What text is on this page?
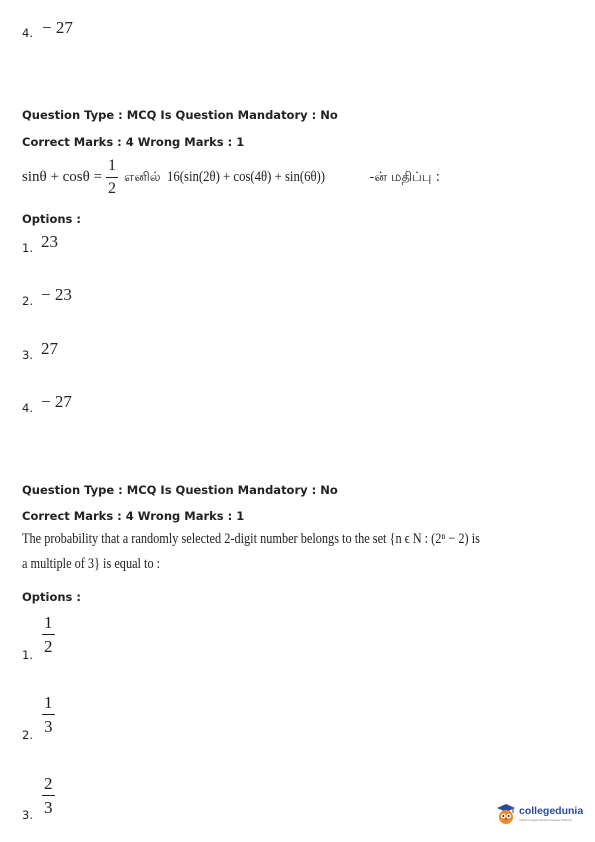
4. − 27
Question Type : MCQ Is Question Mandatory : No
Correct Marks : 4 Wrong Marks : 1
$\sin\theta + \cos\theta = \frac{1}{2}$ எனில் 16(sin(2θ) + cos(4θ) + sin(6θ))	-ன் மதிப்பு :
Options :
1. 23
2. − 23
3. 27
4. − 27
Question Type : MCQ Is Question Mandatory : No
Correct Marks : 4 Wrong Marks : 1
The probability that a randomly selected 2-digit number belongs to the set {n ϵ N : (2ⁿ − 2) is
a multiple of 3} is equal to :
Options :
1. $\frac{1}{2}$
2. $\frac{1}{3}$
3. $\frac{2}{3}$	collegedunia
India's Largest Student Review Platform
